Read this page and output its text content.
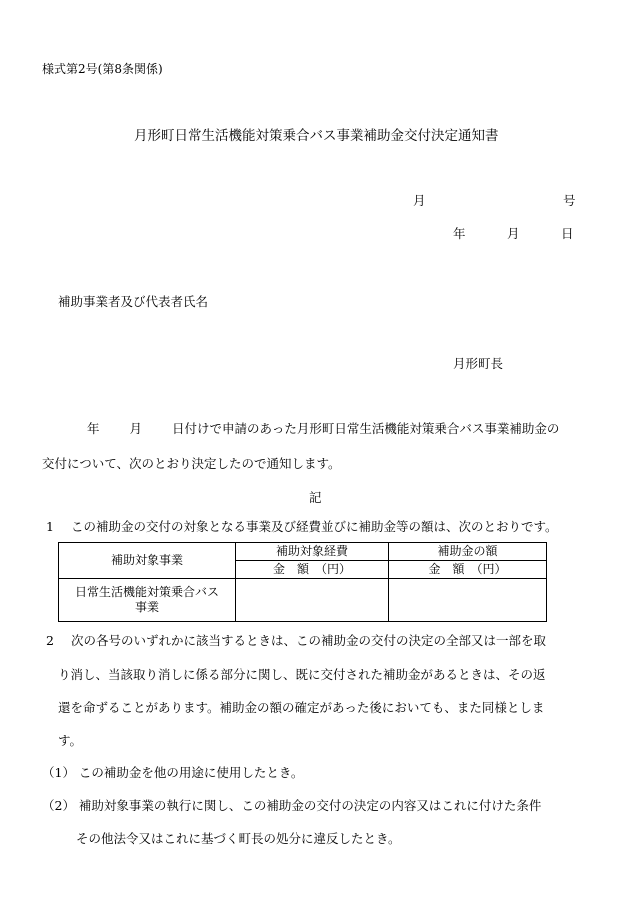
様式第2号(第8条関係)
月形町日常生活機能対策乗合バス事業補助金交付決定通知書
月	号
年	月	日
補助事業者及び代表者氏名
月形町長
年 月 日付けで申請のあった月形町日常生活機能対策乗合バス事業補助金の
交付について、次のとおり決定したので通知します。
記
1 この補助金の交付の対象となる事業及び経費並びに補助金等の額は、次のとおりです。
補助対象事業	補助対象経費	補助金の額
	金　額　（円）	金　額　（円）

日常生活機能対策乗合バス
事業		

2 次の各号のいずれかに該当するときは、この補助金の交付の決定の全部又は一部を取
り消し、当該取り消しに係る部分に関し、既に交付された補助金があるときは、その返
還を命ずることがあります。補助金の額の確定があった後においても、また同様としま
す。
（1） この補助金を他の用途に使用したとき。
（2） 補助対象事業の執行に関し、この補助金の交付の決定の内容又はこれに付けた条件
その他法令又はこれに基づく町長の処分に違反したとき。
